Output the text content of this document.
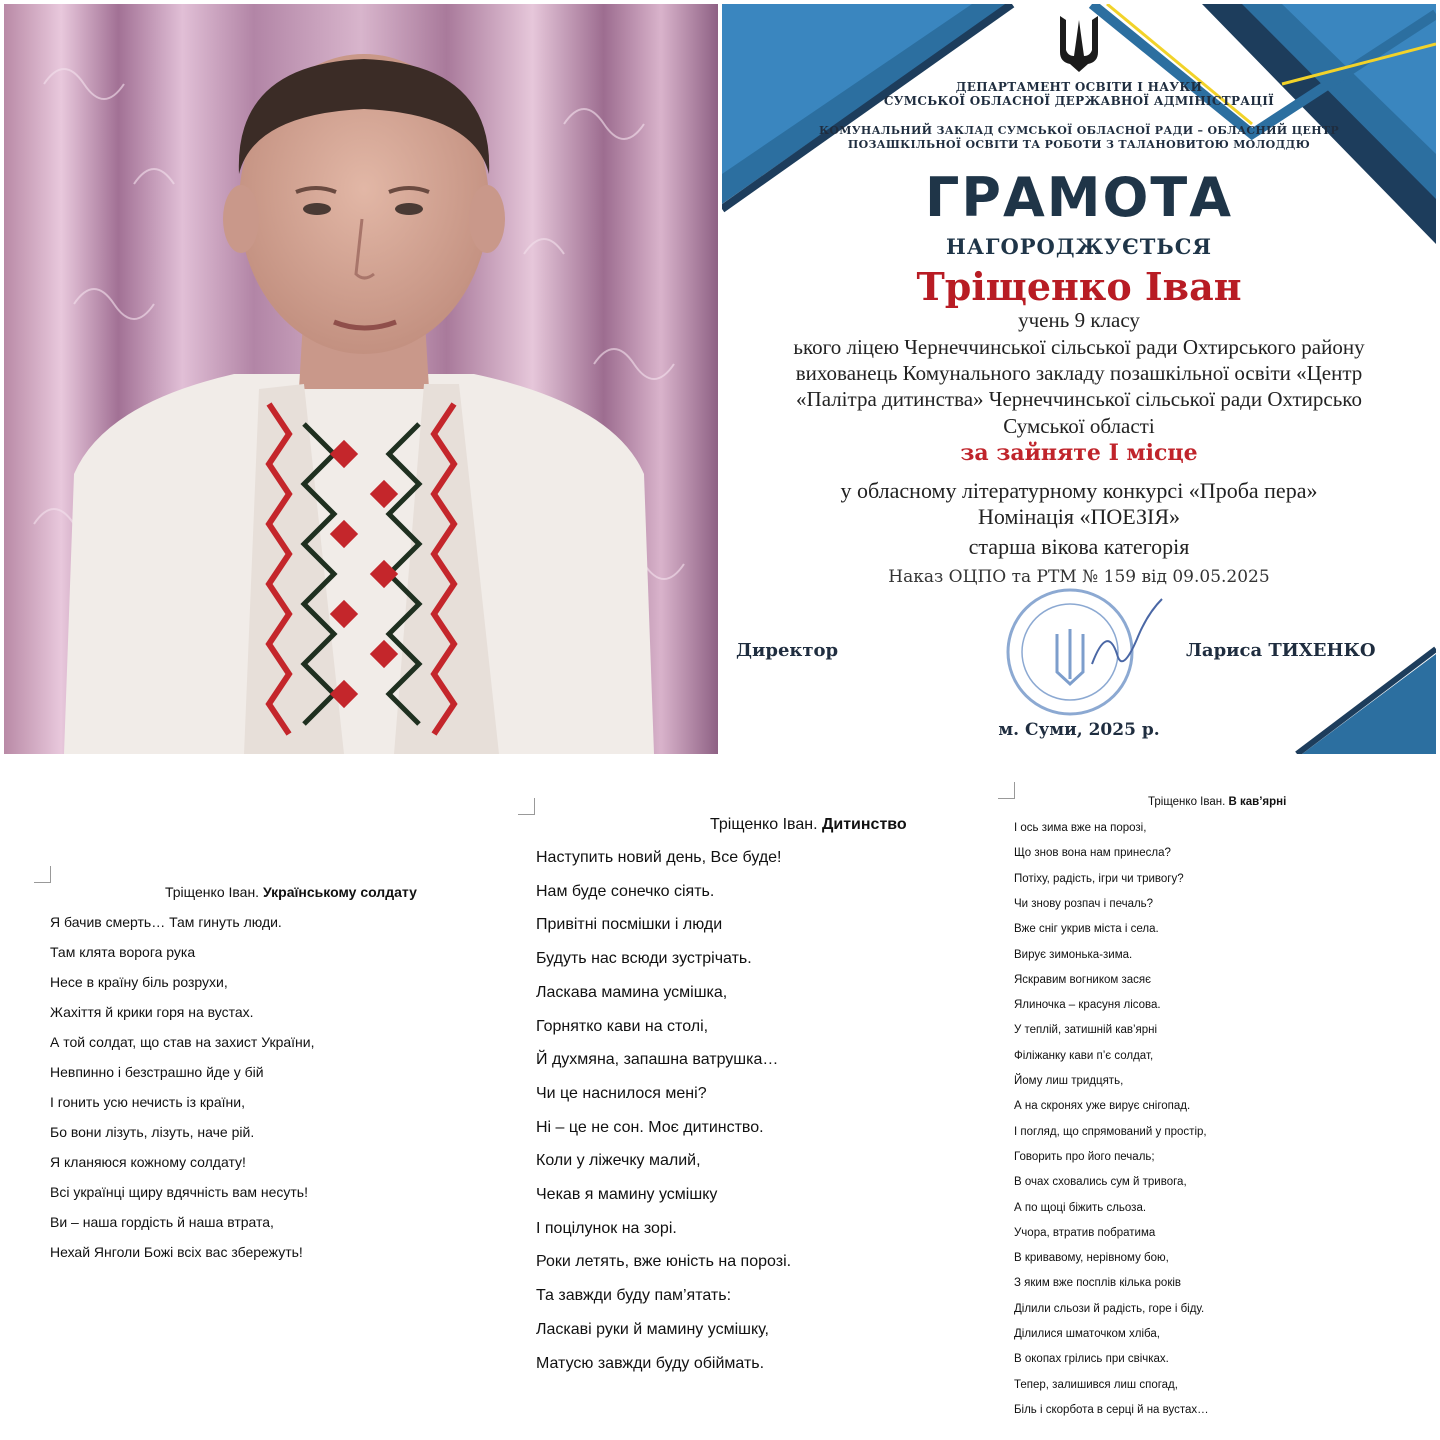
ДЕПАРТАМЕНТ ОСВІТИ І НАУКИ
СУМСЬКОЇ ОБЛАСНОЇ ДЕРЖАВНОЇ АДМІНІСТРАЦІЇ
КОМУНАЛЬНИЙ ЗАКЛАД СУМСЬКОЇ ОБЛАСНОЇ РАДИ – ОБЛАСНИЙ ЦЕНТР
ПОЗАШКІЛЬНОЇ ОСВІТИ ТА РОБОТИ З ТАЛАНОВИТОЮ МОЛОДДЮ
ГРАМОТА
НАГОРОДЖУЄТЬСЯ
Тріщенко Іван
учень 9 класу
ького ліцею Чернеччинської сільської ради Охтирського району
вихованець Комунального закладу позашкільної освіти «Центр
«Палітра дитинства» Чернеччинської сільської ради Охтирсько
Сумської області
за зайняте І місце
у обласному літературному конкурсі «Проба пера»
Номінація «ПОЕЗІЯ»
старша вікова категорія
Наказ ОЦПО та РТМ № 159 від 09.05.2025
Директор	Лариса ТИХЕНКО
м. Суми, 2025 р.
Тріщенко Іван. Українському солдату
Я бачив смерть… Там гинуть люди.
Там клята ворога рука
Несе в країну біль розрухи,
Жахіття й крики горя на вустах.
А той солдат, що став на захист України,
Невпинно і безстрашно йде у бій
І гонить усю нечисть із країни,
Бо вони лізуть, лізуть, наче рій.
Я кланяюся кожному солдату!
Всі українці щиру вдячність вам несуть!
Ви – наша гордість й наша втрата,
Нехай Янголи Божі всіх вас збережуть!
Тріщенко Іван. Дитинство
Наступить новий день, Все буде!
Нам буде сонечко сіять.
Привітні посмішки і люди
Будуть нас всюди зустрічать.
Ласкава мамина усмішка,
Горнятко кави на столі,
Й духмяна, запашна ватрушка…
Чи це наснилося мені?
Ні – це не сон. Моє дитинство.
Коли у ліжечку малий,
Чекав я мамину усмішку
І поцілунок на зорі.
Роки летять, вже юність на порозі.
Та завжди буду пам’ятать:
Ласкаві руки й мамину усмішку,
Матусю завжди буду обіймать.
Тріщенко Іван. В кав’ярні
І ось зима вже на порозі,
Що знов вона нам принесла?
Потіху, радість, ігри чи тривогу?
Чи знову розпач і печаль?
Вже сніг укрив міста і села.
Вирує зимонька-зима.
Яскравим вогником засяє
Ялиночка – красуня лісова.
У теплій, затишній кав’ярні
Філіжанку кави п’є солдат,
Йому лиш тридцять,
А на скронях уже вирує снігопад.
І погляд, що спрямований у простір,
Говорить про його печаль;
В очах сховались сум й тривога,
А по щоці біжить сльоза.
Учора, втратив побратима
В кривавому, нерівному бою,
З яким вже посплів кілька років
Ділили сльози й радість, горе і біду.
Ділилися шматочком хліба,
В окопах грілись при свічках.
Тепер, залишився лиш спогад,
Біль і скорбота в серці й на вустах…
